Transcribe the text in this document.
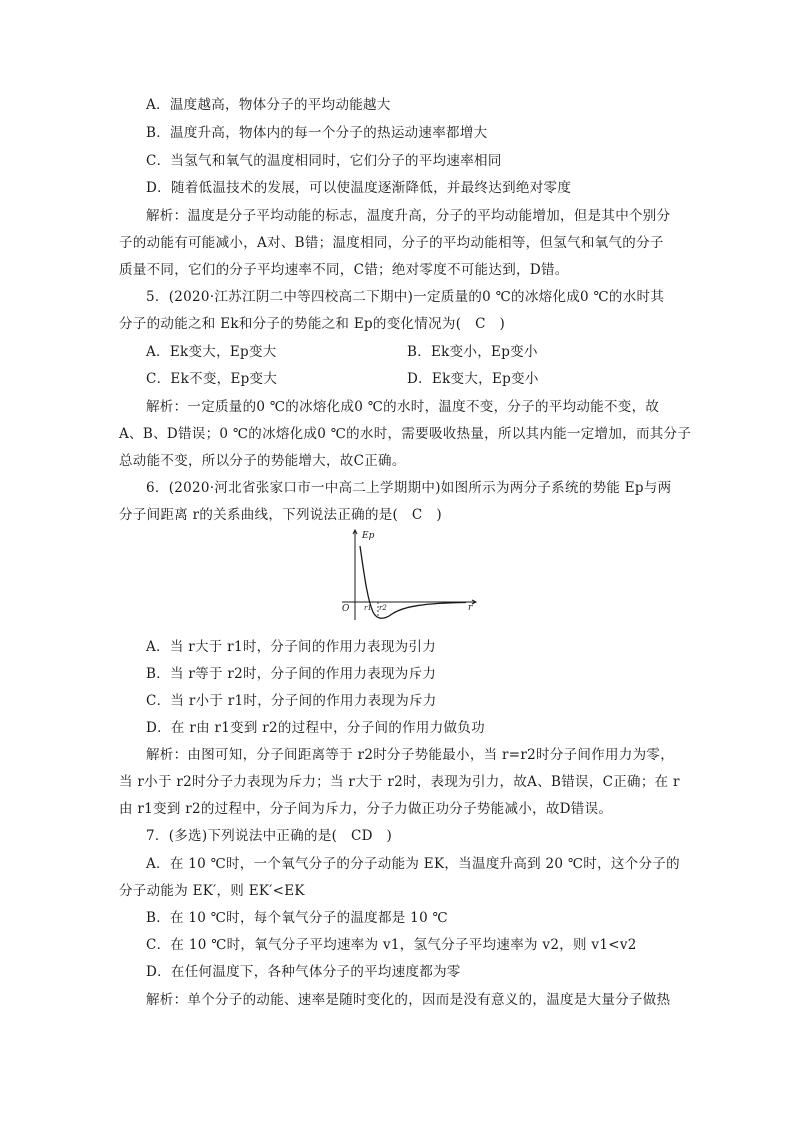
A．温度越高，物体分子的平均动能越大
B．温度升高，物体内的每一个分子的热运动速率都增大
C．当氢气和氧气的温度相同时，它们分子的平均速率相同
D．随着低温技术的发展，可以使温度逐渐降低，并最终达到绝对零度
解析：温度是分子平均动能的标志，温度升高，分子的平均动能增加，但是其中个别分
子的动能有可能减小，A对、B错；温度相同，分子的平均动能相等，但氢气和氧气的分子
质量不同，它们的分子平均速率不同，C错；绝对零度不可能达到，D错。
5．(2020·江苏江阴二中等四校高二下期中)一定质量的0 ℃的冰熔化成0 ℃的水时其
分子的动能之和 Ek和分子的势能之和 Ep的变化情况为(　C　)
A．Ek变大，Ep变大	B．Ek变小，Ep变小
C．Ek不变，Ep变大	D．Ek变大，Ep变小
解析：一定质量的0 ℃的冰熔化成0 ℃的水时，温度不变，分子的平均动能不变，故
A、B、D错误；0 ℃的冰熔化成0 ℃的水时，需要吸收热量，所以其内能一定增加，而其分子
总动能不变，所以分子的势能增大，故C正确。
6．(2020·河北省张家口市一中高二上学期期中)如图所示为两分子系统的势能 Ep与两
分子间距离 r的关系曲线，下列说法正确的是(　C　)
Ep
O r1 r2	r
A．当 r大于 r1时，分子间的作用力表现为引力
B．当 r等于 r2时，分子间的作用力表现为斥力
C．当 r小于 r1时，分子间的作用力表现为斥力
D．在 r由 r1变到 r2的过程中，分子间的作用力做负功
解析：由图可知，分子间距离等于 r2时分子势能最小，当 r=r2时分子间作用力为零，
当 r小于 r2时分子力表现为斥力；当 r大于 r2时，表现为引力，故A、B错误，C正确；在 r
由 r1变到 r2的过程中，分子间为斥力，分子力做正功分子势能减小，故D错误。
7．(多选)下列说法中正确的是(　CD　)
A．在 10 ℃时，一个氧气分子的分子动能为 EK，当温度升高到 20 ℃时，这个分子的
分子动能为 EK′，则 EK′<EK
B．在 10 ℃时，每个氧气分子的温度都是 10 ℃
C．在 10 ℃时，氧气分子平均速率为 v1，氢气分子平均速率为 v2，则 v1<v2
D．在任何温度下，各种气体分子的平均速度都为零
解析：单个分子的动能、速率是随时变化的，因而是没有意义的，温度是大量分子做热
